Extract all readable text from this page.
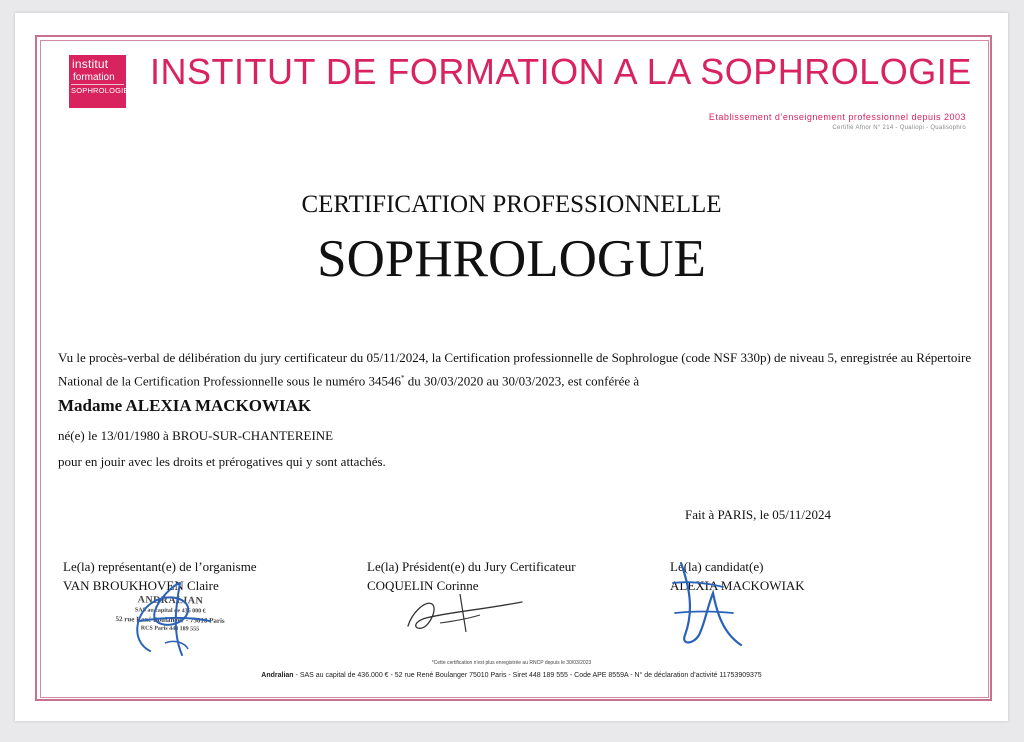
institut
formation
SOPHROLOGIE INSTITUT DE FORMATION A LA SOPHROLOGIE
Etablissement d’enseignement professionnel depuis 2003
Certifié Afnor N° 214 - Qualiopi - Qualisophro
CERTIFICATION PROFESSIONNELLE
SOPHROLOGUE
Vu le procès-verbal de délibération du jury certificateur du 05/11/2024, la Certification professionnelle de Sophrologue (code NSF 330p) de niveau 5, enregistrée au Répertoire National de la Certification Professionnelle sous le numéro 34546* du 30/03/2020 au 30/03/2023, est conférée à
Madame ALEXIA MACKOWIAK
né(e) le 13/01/1980 à BROU-SUR-CHANTEREINE
pour en jouir avec les droits et prérogatives qui y sont attachés.
Fait à PARIS, le 05/11/2024
Le(la) représentant(e) de l’organisme
VAN BROUKHOVEN Claire
Le(la) Président(e) du Jury Certificateur
COQUELIN Corinne
Le(la) candidat(e)
ALEXIA MACKOWIAK
ANDRALIAN
SAS au capital de 436 000 €
52 rue René Boulanger - 75010 Paris
RCS Paris 448 189 555
*Cette certification n'est plus enregistrée au RNCP depuis le 30/03/2023
Andralian - SAS au capital de 436.000 € - 52 rue René Boulanger 75010 Paris - Siret 448 189 555 - Code APE 8559A - N° de déclaration d’activité 11753909375
